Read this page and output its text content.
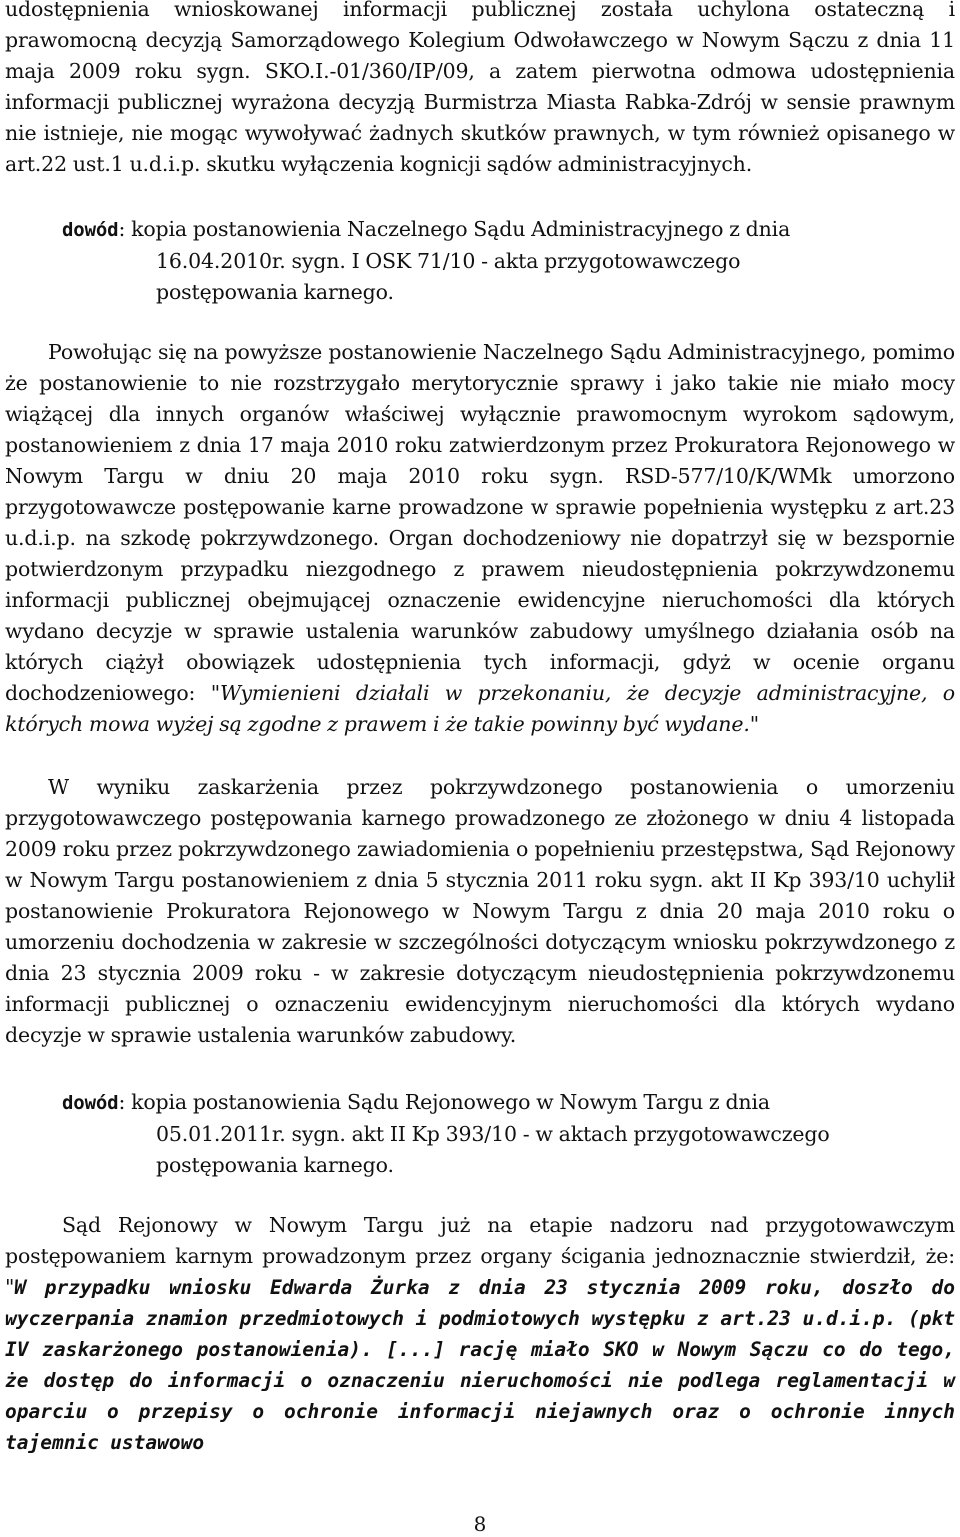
udostępnienia wnioskowanej informacji publicznej została uchylona ostateczną i prawomocną decyzją Samorządowego Kolegium Odwoławczego w Nowym Sączu z dnia 11 maja 2009 roku sygn. SKO.I.-01/360/IP/09, a zatem pierwotna odmowa udostępnienia informacji publicznej wyrażona decyzją Burmistrza Miasta Rabka-Zdrój w sensie prawnym nie istnieje, nie mogąc wywoływać żadnych skutków prawnych, w tym również opisanego w art.22 ust.1 u.d.i.p. skutku wyłączenia kognicji sądów administracyjnych.

dowód: kopia postanowienia Naczelnego Sądu Administracyjnego z dnia
16.04.2010r. sygn. I OSK 71/10 - akta przygotowawczego
postępowania karnego.

Powołując się na powyższe postanowienie Naczelnego Sądu Administracyjnego, pomimo że postanowienie to nie rozstrzygało merytorycznie sprawy i jako takie nie miało mocy wiążącej dla innych organów właściwej wyłącznie prawomocnym wyrokom sądowym, postanowieniem z dnia 17 maja 2010 roku zatwierdzonym przez Prokuratora Rejonowego w Nowym Targu w dniu 20 maja 2010 roku sygn. RSD-577/10/K/WMk umorzono przygotowawcze postępowanie karne prowadzone w sprawie popełnienia występku z art.23 u.d.i.p. na szkodę pokrzywdzonego. Organ dochodzeniowy nie dopatrzył się w bezspornie potwierdzonym przypadku niezgodnego z prawem nieudostępnienia pokrzywdzonemu informacji publicznej obejmującej oznaczenie ewidencyjne nieruchomości dla których wydano decyzje w sprawie ustalenia warunków zabudowy umyślnego działania osób na których ciążył obowiązek udostępnienia tych informacji, gdyż w ocenie organu dochodzeniowego: "Wymienieni działali w przekonaniu, że decyzje administracyjne, o których mowa wyżej są zgodne z prawem i że takie powinny być wydane."

W wyniku zaskarżenia przez pokrzywdzonego postanowienia o umorzeniu przygotowawczego postępowania karnego prowadzonego ze złożonego w dniu 4 listopada 2009 roku przez pokrzywdzonego zawiadomienia o popełnieniu przestępstwa, Sąd Rejonowy w Nowym Targu postanowieniem z dnia 5 stycznia 2011 roku sygn. akt II Kp 393/10 uchylił postanowienie Prokuratora Rejonowego w Nowym Targu z dnia 20 maja 2010 roku o umorzeniu dochodzenia w zakresie w szczególności dotyczącym wniosku pokrzywdzonego z dnia 23 stycznia 2009 roku - w zakresie dotyczącym nieudostępnienia pokrzywdzonemu informacji publicznej o oznaczeniu ewidencyjnym nieruchomości dla których wydano decyzje w sprawie ustalenia warunków zabudowy.

dowód: kopia postanowienia Sądu Rejonowego w Nowym Targu z dnia
05.01.2011r. sygn. akt II Kp 393/10 - w aktach przygotowawczego
postępowania karnego.

Sąd Rejonowy w Nowym Targu już na etapie nadzoru nad przygotowawczym postępowaniem karnym prowadzonym przez organy ścigania jednoznacznie stwierdził, że: "W przypadku wniosku Edwarda Żurka z dnia 23 stycznia 2009 roku, doszło do wyczerpania znamion przedmiotowych i podmiotowych występku z art.23 u.d.i.p. (pkt IV zaskarżonego postanowienia). [...] rację miało SKO w Nowym Sączu co do tego, że dostęp do informacji o oznaczeniu nieruchomości nie podlega reglamentacji w oparciu o przepisy o ochronie informacji niejawnych oraz o ochronie innych tajemnic ustawowo

8
